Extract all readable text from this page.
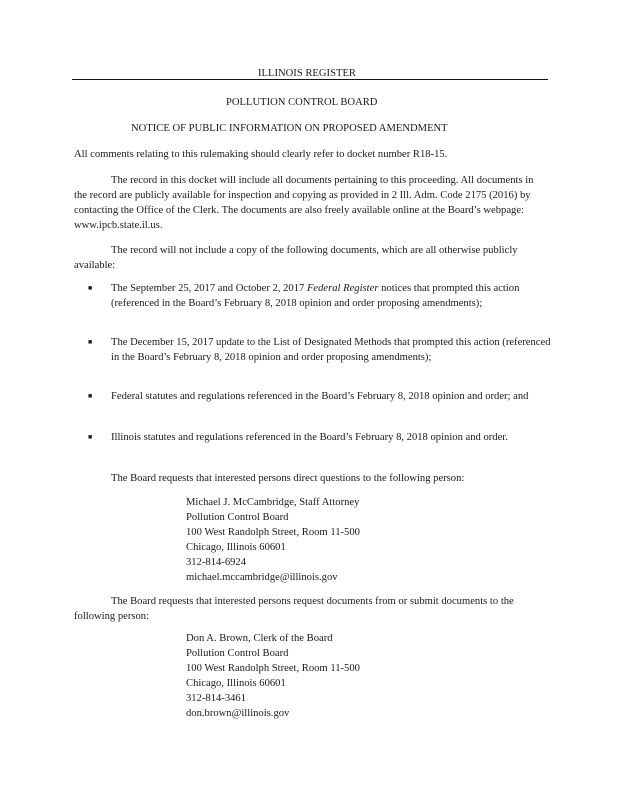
ILLINOIS REGISTER
POLLUTION CONTROL BOARD
NOTICE OF PUBLIC INFORMATION ON PROPOSED AMENDMENT
All comments relating to this rulemaking should clearly refer to docket number R18-15.
The record in this docket will include all documents pertaining to this proceeding. All documents in the record are publicly available for inspection and copying as provided in 2 Ill. Adm. Code 2175 (2016) by contacting the Office of the Clerk. The documents are also freely available online at the Board’s webpage: www.ipcb.state.il.us.
The record will not include a copy of the following documents, which are all otherwise publicly available:
■	The September 25, 2017 and October 2, 2017 Federal Register notices that prompted this action (referenced in the Board’s February 8, 2018 opinion and order proposing amendments);
■	The December 15, 2017 update to the List of Designated Methods that prompted this action (referenced in the Board’s February 8, 2018 opinion and order proposing amendments);
■	Federal statutes and regulations referenced in the Board’s February 8, 2018 opinion and order; and
■	Illinois statutes and regulations referenced in the Board’s February 8, 2018 opinion and order.
The Board requests that interested persons direct questions to the following person:
Michael J. McCambridge, Staff Attorney
Pollution Control Board
100 West Randolph Street, Room 11-500
Chicago, Illinois 60601
312-814-6924
michael.mccambridge@illinois.gov
The Board requests that interested persons request documents from or submit documents to the following person:
Don A. Brown, Clerk of the Board
Pollution Control Board
100 West Randolph Street, Room 11-500
Chicago, Illinois 60601
312-814-3461
don.brown@illinois.gov
